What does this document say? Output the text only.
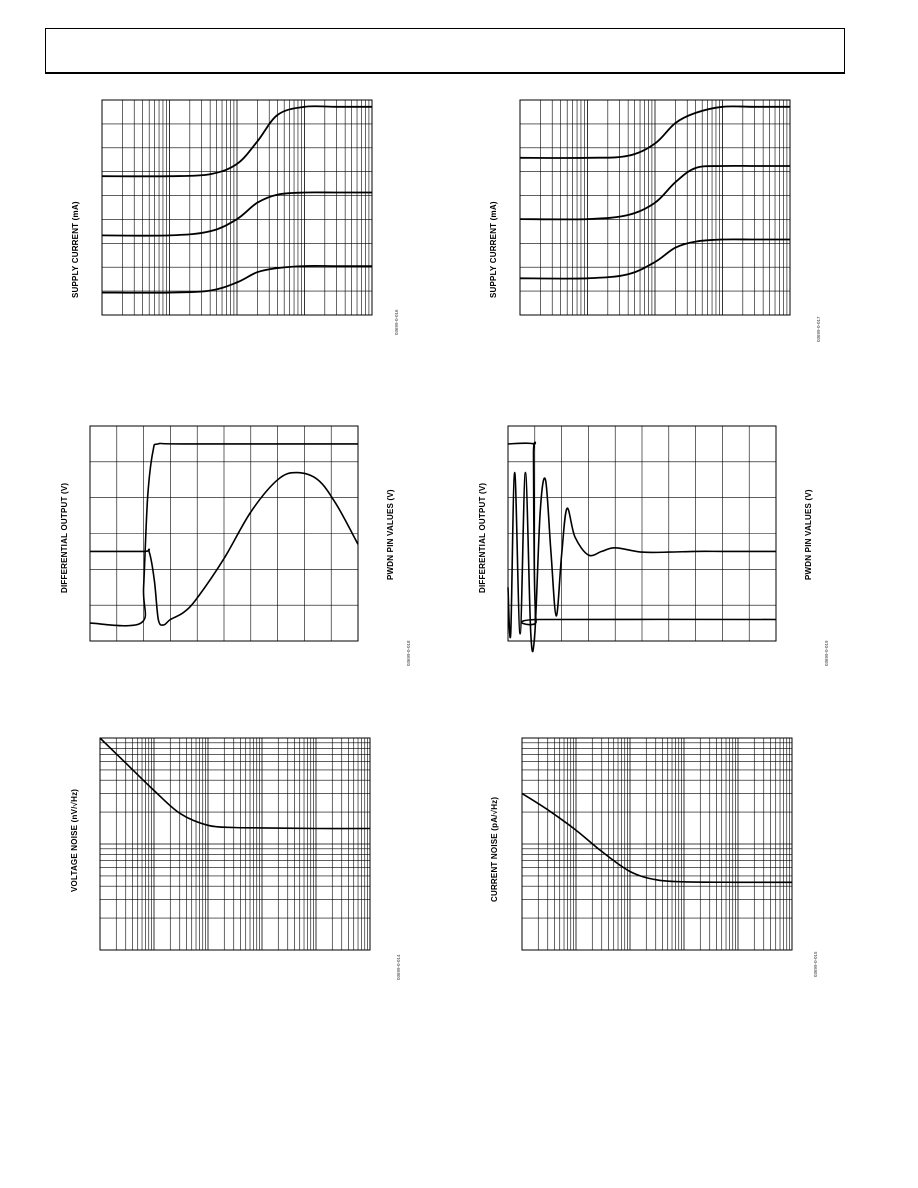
SUPPLY CURRENT (mA)
03699-0-016
SUPPLY CURRENT (mA)
03699-0-017
DIFFERENTIAL OUTPUT (V)	PWDN PIN VALUES (V)
03699-0-018
DIFFERENTIAL OUTPUT (V)	PWDN PIN VALUES (V)
03699-0-019
VOLTAGE NOISE (nV/√Hz)
03699-0-014
CURRENT NOISE (pA/√Hz)
03699-0-015
